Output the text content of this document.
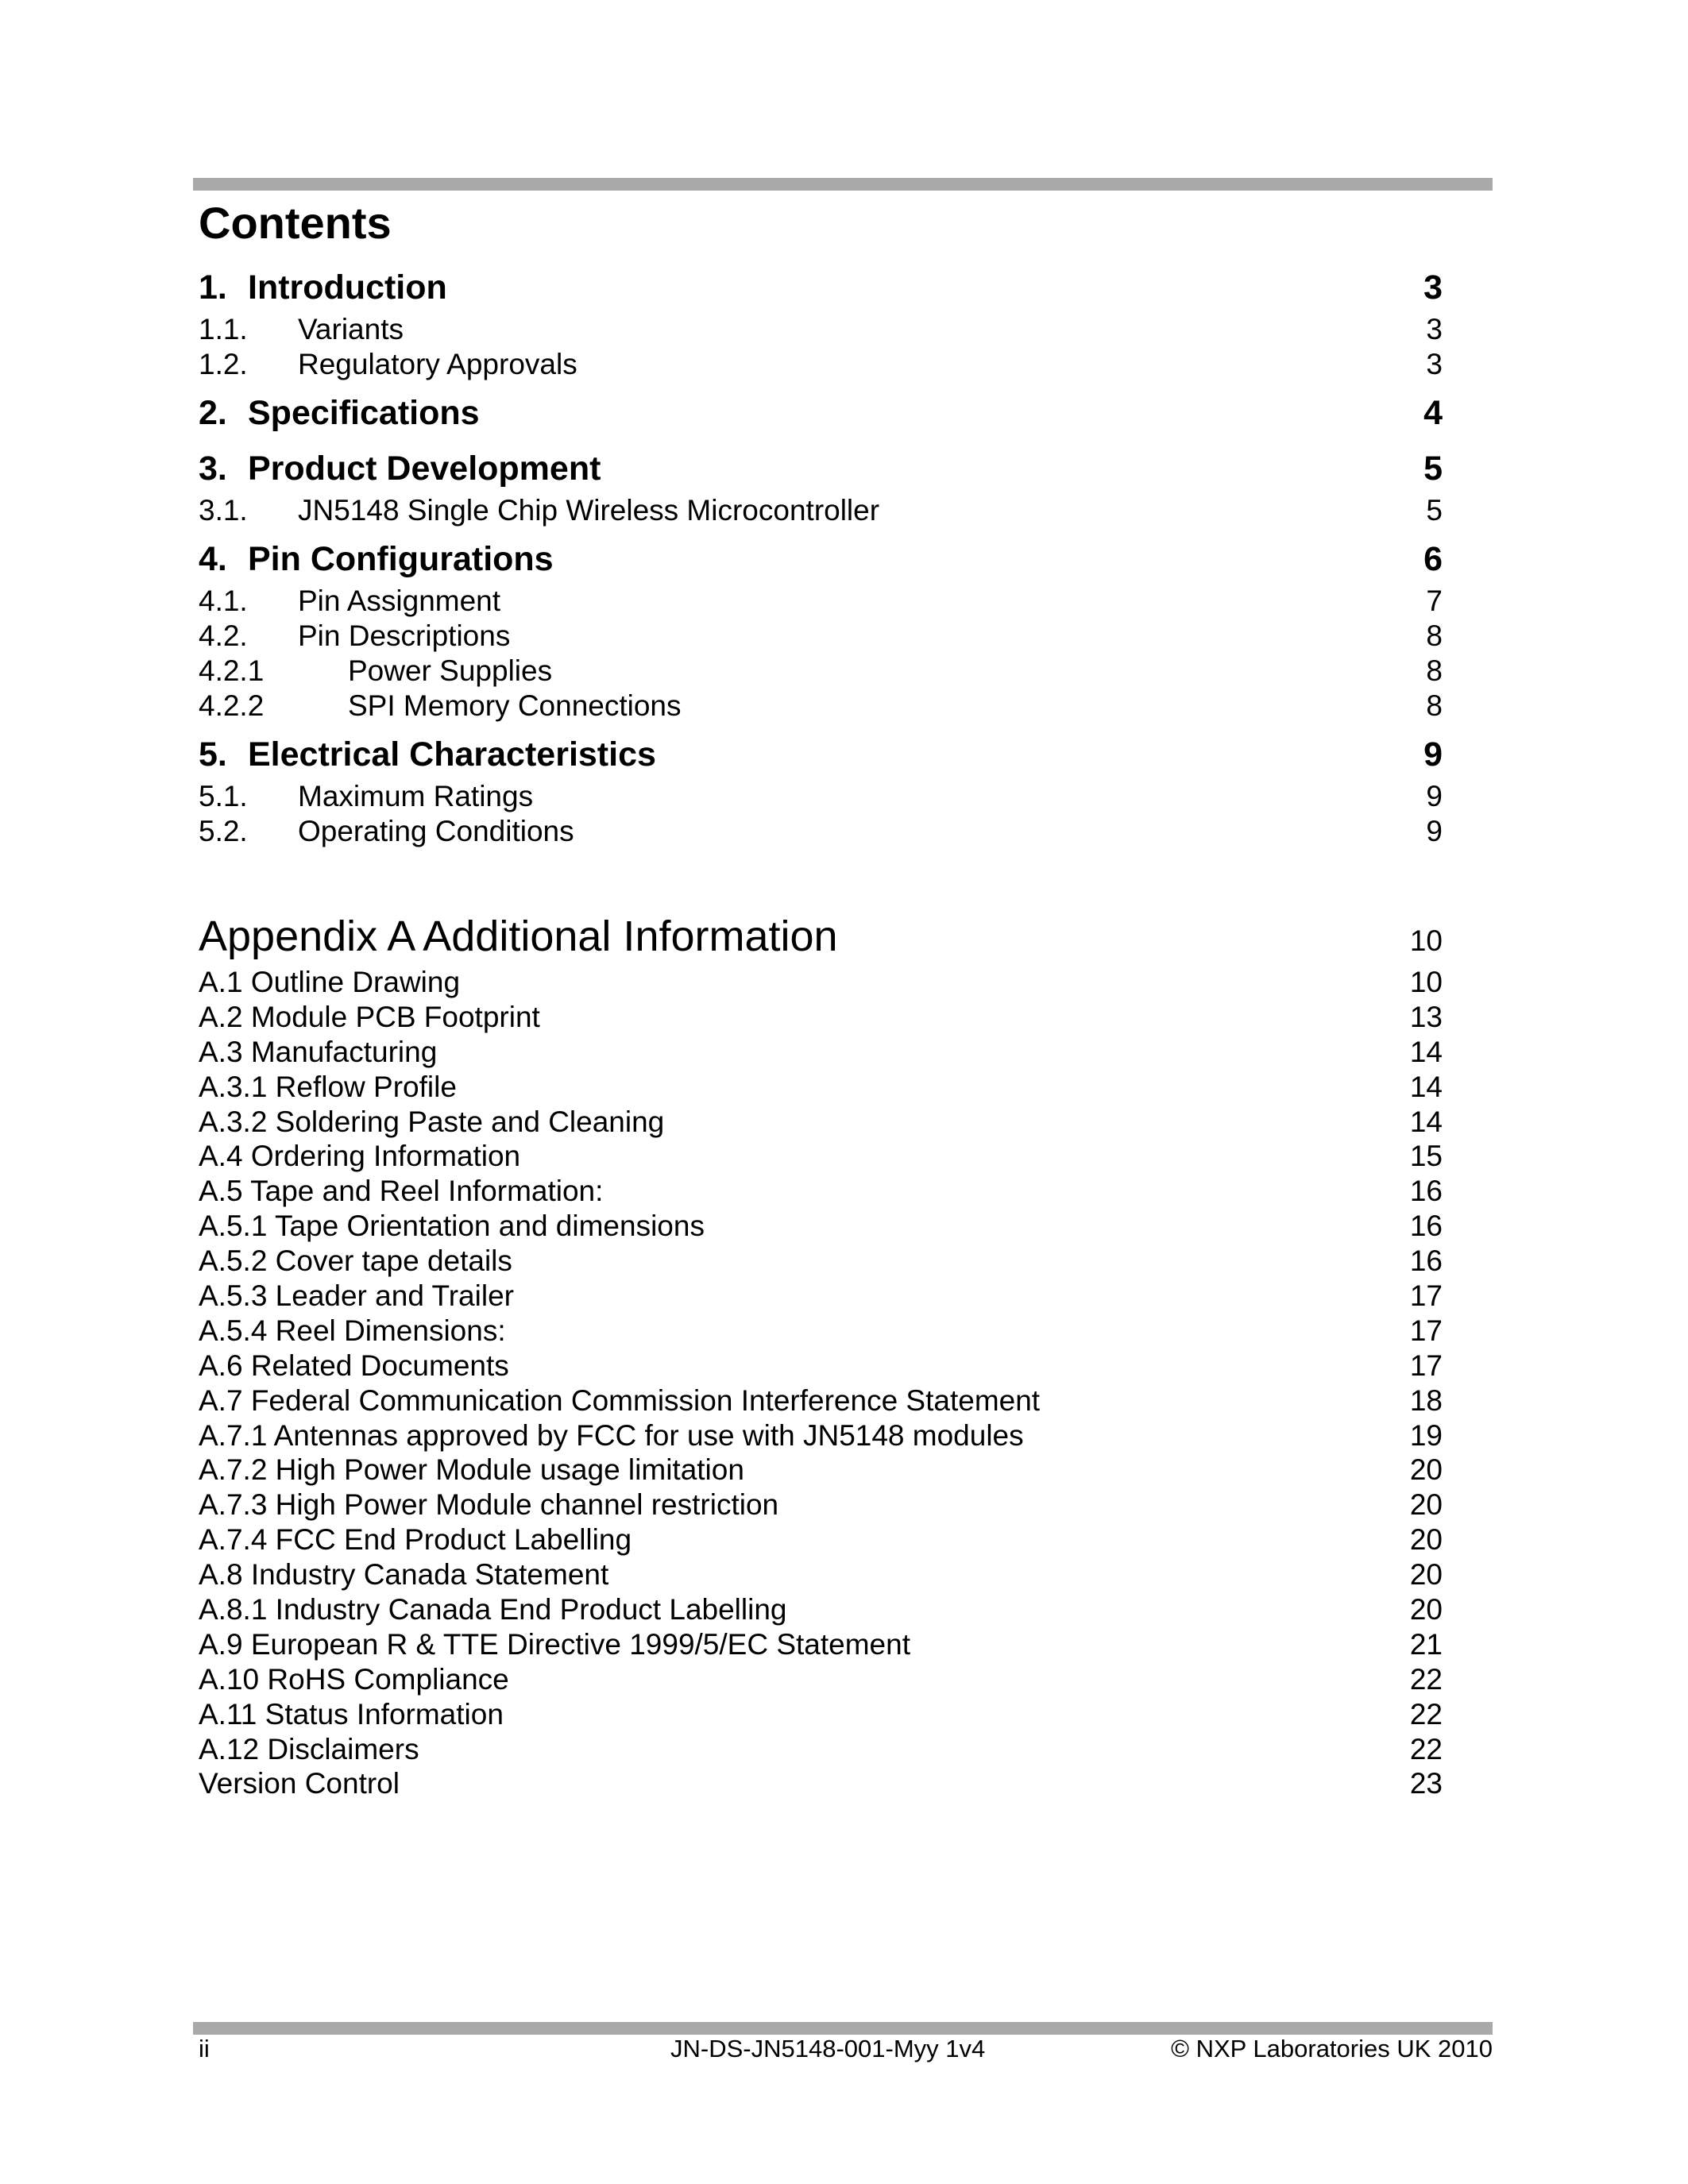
Contents
1. Introduction	3
1.1. Variants	3
1.2. Regulatory Approvals	3
2. Specifications	4
3. Product Development	5
3.1. JN5148 Single Chip Wireless Microcontroller	5
4. Pin Configurations	6
4.1. Pin Assignment	7
4.2. Pin Descriptions	8
4.2.1	Power Supplies	8
4.2.2	SPI Memory Connections	8
5. Electrical Characteristics	9
5.1. Maximum Ratings	9
5.2. Operating Conditions	9
Appendix A Additional Information	10
A.1 Outline Drawing	10
A.2 Module PCB Footprint	13
A.3 Manufacturing	14
A.3.1 Reflow Profile	14
A.3.2 Soldering Paste and Cleaning	14
A.4 Ordering Information	15
A.5 Tape and Reel Information:	16
A.5.1 Tape Orientation and dimensions	16
A.5.2 Cover tape details	16
A.5.3 Leader and Trailer	17
A.5.4 Reel Dimensions:	17
A.6 Related Documents	17
A.7 Federal Communication Commission Interference Statement	18
A.7.1 Antennas approved by FCC for use with JN5148 modules	19
A.7.2 High Power Module usage limitation	20
A.7.3 High Power Module channel restriction	20
A.7.4 FCC End Product Labelling	20
A.8 Industry Canada Statement	20
A.8.1 Industry Canada End Product Labelling	20
A.9 European R & TTE Directive 1999/5/EC Statement	21
A.10 RoHS Compliance	22
A.11 Status Information	22
A.12 Disclaimers	22
Version Control	23
ii	JN-DS-JN5148-001-Myy 1v4	© NXP Laboratories UK 2010
